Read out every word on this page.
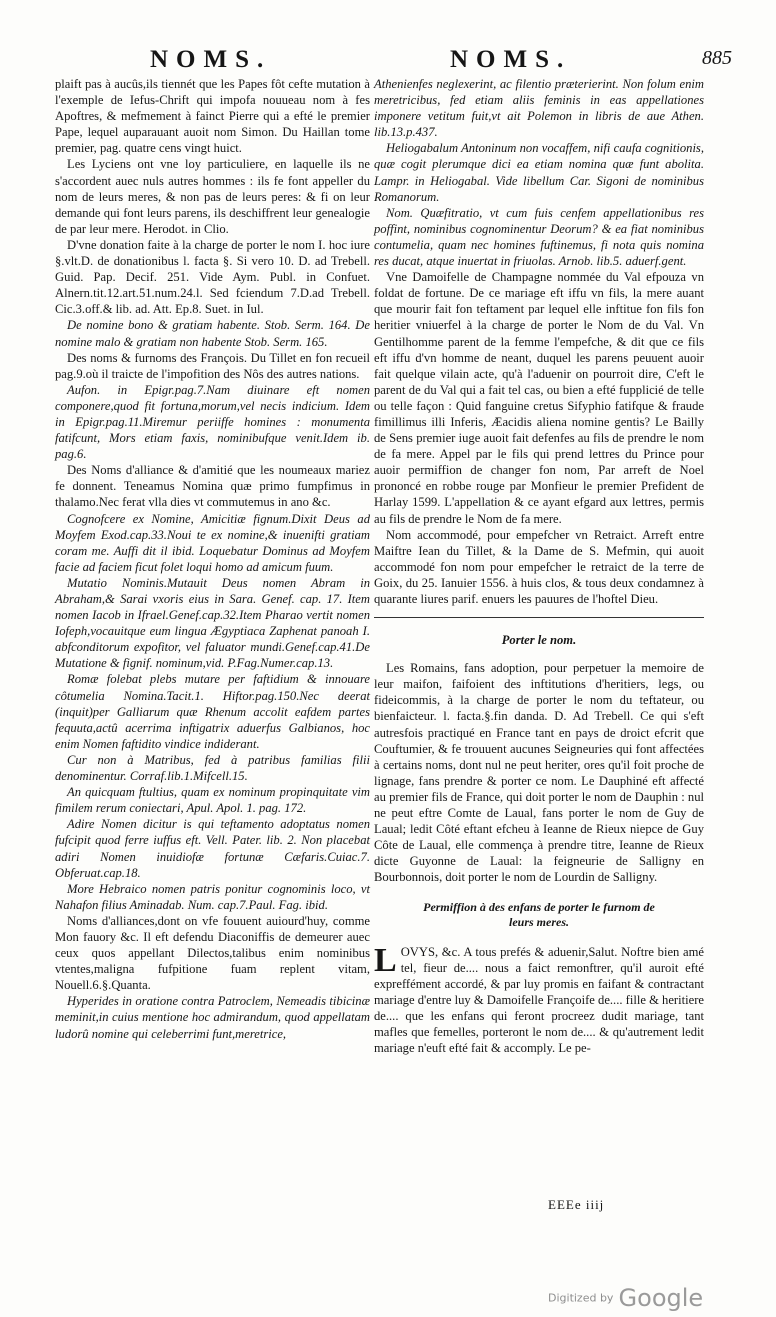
NOMS.	NOMS.	885

plaift pas à aucûs,ils tiennét que les Papes fôt cefte mutation à l'exemple de Iefus-Chrift qui impofa nouueau nom à fes Apoftres, & mefmement à fainct Pierre qui a efté le premier Pape, lequel auparauant auoit nom Simon. Du Haillan tome premier, pag. quatre cens vingt huict.

Les Lyciens ont vne loy particuliere, en laquelle ils ne s'accordent auec nuls autres hommes : ils fe font appeller du nom de leurs meres, & non pas de leurs peres: & fi on leur demande qui font leurs parens, ils deschiffrent leur genealogie de par leur mere. Herodot. in Clio.

D'vne donation faite à la charge de porter le nom I. hoc iure §.vlt.D. de donationibus l. facta §. Si vero 10. D. ad Trebell. Guid. Pap. Decif. 251. Vide Aym. Publ. in Confuet. Alnern.tit.12.art.51.num.24.l. Sed fciendum 7.D.ad Trebell. Cic.3.off.& lib. ad. Att. Ep.8. Suet. in Iul.

De nomine bono & gratiam habente. Stob. Serm. 164. De nomine malo & gratiam non habente Stob. Serm. 165.

Des noms & furnoms des François. Du Tillet en fon recueil pag.9.où il traicte de l'impofition des Nôs des autres nations.

Aufon. in Epigr.pag.7.Nam diuinare eft nomen componere,quod fit fortuna,morum,vel necis indicium. Idem in Epigr.pag.11.Miremur periiffe homines : monumenta fatifcunt, Mors etiam faxis, nominibufque venit.Idem ib. pag.6.

Des Noms d'alliance & d'amitié que les noumeaux mariez fe donnent. Teneamus Nomina quæ primo fumpfimus in thalamo.Nec ferat vlla dies vt commutemus in ano &c.

Cognofcere ex Nomine, Amicitiæ fignum.Dixit Deus ad Moyfem Exod.cap.33.Noui te ex nomine,& inuenifti gratiam coram me. Auffi dit il ibid. Loquebatur Dominus ad Moyfem facie ad faciem ficut folet loqui homo ad amicum fuum.

Mutatio Nominis.Mutauit Deus nomen Abram in Abraham,& Sarai vxoris eius in Sara. Genef. cap. 17. Item nomen Iacob in Ifrael.Genef.cap.32.Item Pharao vertit nomen Iofeph,vocauitque eum lingua Ægyptiaca Zaphenat panoah I. abfconditorum expofitor, vel faluator mundi.Genef.cap.41.De Mutatione & fignif. nominum,vid. P.Fag.Numer.cap.13.

Romæ folebat plebs mutare per faftidium & innouare côtumelia Nomina.Tacit.1. Hiftor.pag.150.Nec deerat (inquit)per Galliarum quæ Rhenum accolit eafdem partes fequuta,actû acerrima inftigatrix aduerfus Galbianos, hoc enim Nomen faftidito vindice indiderant.

Cur non à Matribus, fed à patribus familias filii denominentur. Corraf.lib.1.Mifcell.15.

An quicquam ftultius, quam ex nominum propinquitate vim fimilem rerum coniectari, Apul. Apol. 1. pag. 172.

Adire Nomen dicitur is qui teftamento adoptatus nomen fufcipit quod ferre iuffus eft. Vell. Pater. lib. 2. Non placebat adiri Nomen inuidiofæ fortunæ Cæfaris.Cuiac.7. Obferuat.cap.18.

More Hebraico nomen patris ponitur cognominis loco, vt Nahafon filius Aminadab. Num. cap.7.Paul. Fag. ibid.

Noms d'alliances,dont on vfe fouuent auiourd'huy, comme Mon fauory &c. Il eft defendu Diaconiffis de demeurer auec ceux quos appellant Dilectos,talibus enim nominibus vtentes,maligna fufpitione fuam replent vitam, Nouell.6.§.Quanta.

Hyperides in oratione contra Patroclem, Nemeadis tibicinæ meminit,in cuius mentione hoc admirandum, quod appellatam ludorû nomine qui celeberrimi funt,meretrice,

Athenienfes neglexerint, ac filentio præterierint. Non folum enim meretricibus, fed etiam aliis feminis in eas appellationes imponere vetitum fuit,vt ait Polemon in libris de aue Athen. lib.13.p.437.

Heliogabalum Antoninum non vocaffem, nifi caufa cognitionis, quæ cogit plerumque dici ea etiam nomina quæ funt abolita. Lampr. in Heliogabal. Vide libellum Car. Sigoni de nominibus Romanorum.

Nom. Quæfitratio, vt cum fuis cenfem appellationibus res poffint, nominibus cognominentur Deorum? & ea fiat nominibus contumelia, quam nec homines fuftinemus, fi nota quis nomina res ducat, atque inuertat in friuolas. Arnob. lib.5. aduerf.gent.

Vne Damoifelle de Champagne nommée du Val efpouza vn foldat de fortune. De ce mariage eft iffu vn fils, la mere auant que mourir fait fon teftament par lequel elle inftitue fon fils fon heritier vniuerfel à la charge de porter le Nom de du Val. Vn Gentilhomme parent de la femme l'empefche, & dit que ce fils eft iffu d'vn homme de neant, duquel les parens peuuent auoir fait quelque vilain acte, qu'à l'aduenir on pourroit dire, C'eft le parent de du Val qui a fait tel cas, ou bien a efté fupplicié de telle ou telle façon : Quid fanguine cretus Sifyphio fatifque & fraude fimillimus illi Inferis, Æacidis aliena nomine gentis? Le Bailly de Sens premier iuge auoit fait defenfes au fils de prendre le nom de fa mere. Appel par le fils qui prend lettres du Prince pour auoir permiffion de changer fon nom, Par arreft de Noel prononcé en robbe rouge par Monfieur le premier Prefident de Harlay 1599. L'appellation & ce ayant efgard aux lettres, permis au fils de prendre le Nom de fa mere.

Nom accommodé, pour empefcher vn Retraict. Arreft entre Maiftre Iean du Tillet, & la Dame de S. Mefmin, qui auoit accommodé fon nom pour empefcher le retraict de la terre de Goix, du 25. Ianuier 1556. à huis clos, & tous deux condamnez à quarante liures parif. enuers les pauures de l'hoftel Dieu.

Porter le nom.

Les Romains, fans adoption, pour perpetuer la memoire de leur maifon, faifoient des inftitutions d'heritiers, legs, ou fideicommis, à la charge de porter le nom du teftateur, ou bienfaicteur. l. facta.§.fin danda. D. Ad Trebell. Ce qui s'eft autresfois practiqué en France tant en pays de droict efcrit que Couftumier, & fe trouuent aucunes Seigneuries qui font affectées à certains noms, dont nul ne peut heriter, ores qu'il foit proche de lignage, fans prendre & porter ce nom. Le Dauphiné eft affecté au premier fils de France, qui doit porter le nom de Dauphin : nul ne peut eftre Comte de Laual, fans porter le nom de Guy de Laual; ledit Côté eftant efcheu à Ieanne de Rieux niepce de Guy Côte de Laual, elle commença à prendre titre, Ieanne de Rieux dicte Guyonne de Laual: la feigneurie de Salligny en Bourbonnois, doit porter le nom de Lourdin de Salligny.

Permiffion à des enfans de porter le furnom de leurs meres.

LOVYS, &c. A tous prefés & aduenir,Salut. Noftre bien amé tel, fieur de.... nous a faict remonftrer, qu'il auroit efté expreffément accordé, & par luy promis en faifant & contractant mariage d'entre luy & Damoifelle Françoife de.... fille & heritiere de.... que les enfans qui feront procreez dudit mariage, tant mafles que femelles, porteront le nom de.... & qu'autrement ledit mariage n'euft efté fait & accomply. Le pe-

EEEe iiij
Digitized by Google
